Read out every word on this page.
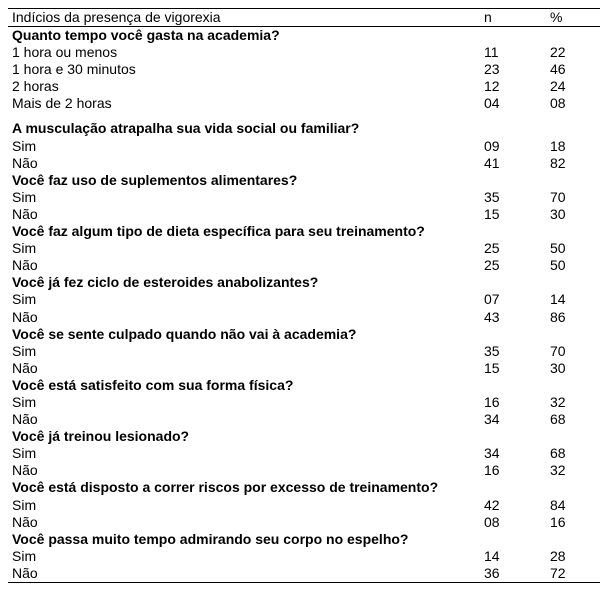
Indícios da presença de vigorexia	n	%
Quanto tempo você gasta na academia?
1 hora ou menos	11	22
1 hora e 30 minutos	23	46
2 horas	12	24
Mais de 2 horas	04	08
A musculação atrapalha sua vida social ou familiar?
Sim	09	18
Não	41	82
Você faz uso de suplementos alimentares?
Sim	35	70
Não	15	30
Você faz algum tipo de dieta específica para seu treinamento?
Sim	25	50
Não	25	50
Você já fez ciclo de esteroides anabolizantes?
Sim	07	14
Não	43	86
Você se sente culpado quando não vai à academia?
Sim	35	70
Não	15	30
Você está satisfeito com sua forma física?
Sim	16	32
Não	34	68
Você já treinou lesionado?
Sim	34	68
Não	16	32
Você está disposto a correr riscos por excesso de treinamento?
Sim	42	84
Não	08	16
Você passa muito tempo admirando seu corpo no espelho?
Sim	14	28
Não	36	72
